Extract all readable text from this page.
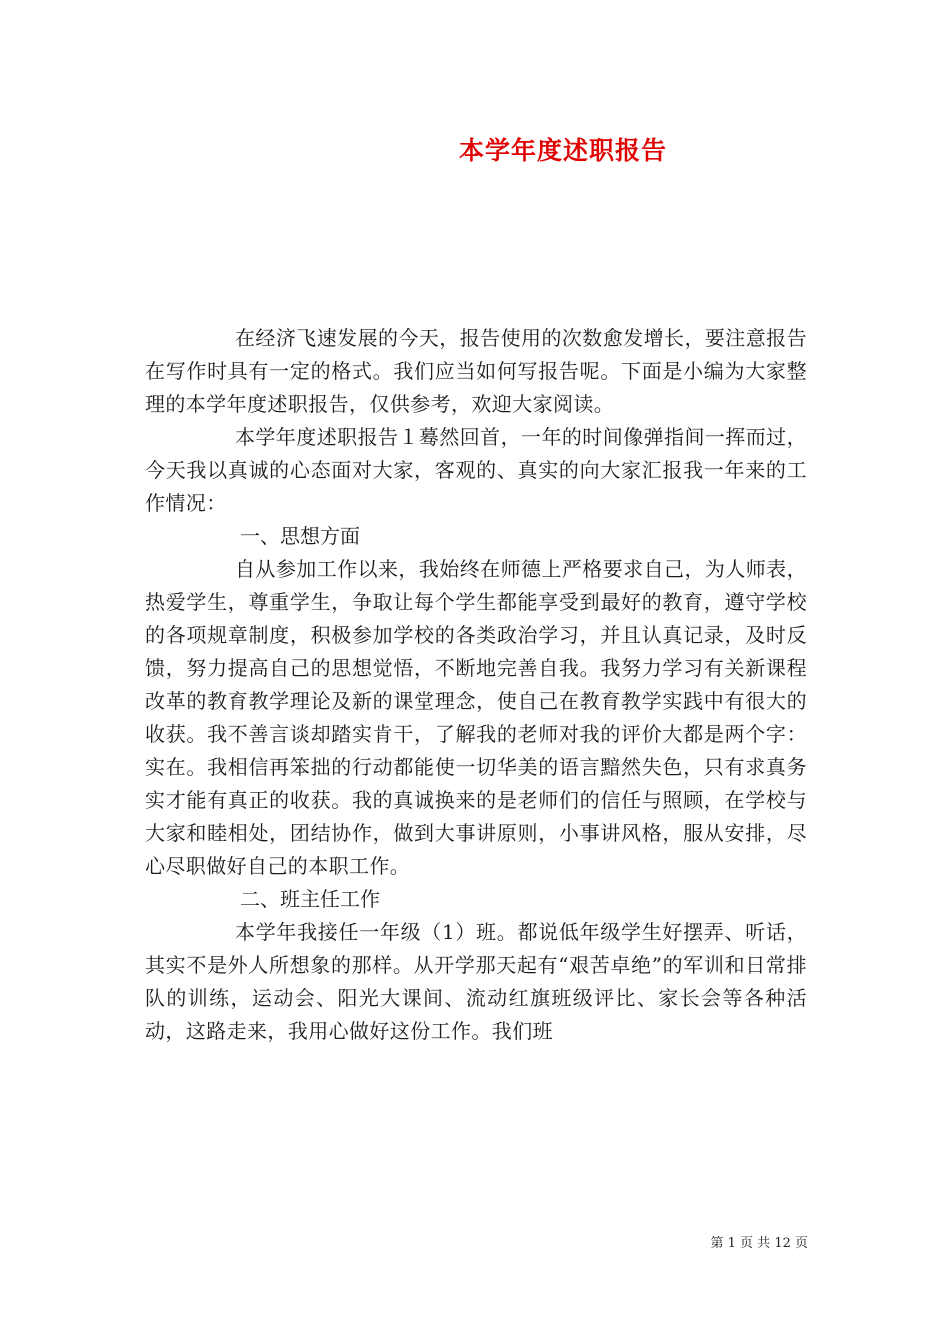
本学年度述职报告

在经济飞速发展的今天，报告使用的次数愈发增长，要注意报告在写作时具有一定的格式。我们应当如何写报告呢。下面是小编为大家整理的本学年度述职报告，仅供参考，欢迎大家阅读。

本学年度述职报告１蓦然回首，一年的时间像弹指间一挥而过，今天我以真诚的心态面对大家，客观的、真实的向大家汇报我一年来的工作情况：

一、思想方面

自从参加工作以来，我始终在师德上严格要求自己，为人师表，热爱学生，尊重学生，争取让每个学生都能享受到最好的教育，遵守学校的各项规章制度，积极参加学校的各类政治学习，并且认真记录，及时反馈，努力提高自己的思想觉悟，不断地完善自我。我努力学习有关新课程改革的教育教学理论及新的课堂理念，使自己在教育教学实践中有很大的收获。我不善言谈却踏实肯干，了解我的老师对我的评价大都是两个字：实在。我相信再笨拙的行动都能使一切华美的语言黯然失色，只有求真务实才能有真正的收获。我的真诚换来的是老师们的信任与照顾，在学校与大家和睦相处，团结协作，做到大事讲原则，小事讲风格，服从安排，尽心尽职做好自己的本职工作。

二、班主任工作

本学年我接任一年级（1）班。都说低年级学生好摆弄、听话，其实不是外人所想象的那样。从开学那天起有“艰苦卓绝”的军训和日常排队的训练，运动会、阳光大课间、流动红旗班级评比、家长会等各种活动，这路走来，我用心做好这份工作。我们班

第 1 页 共 12 页
